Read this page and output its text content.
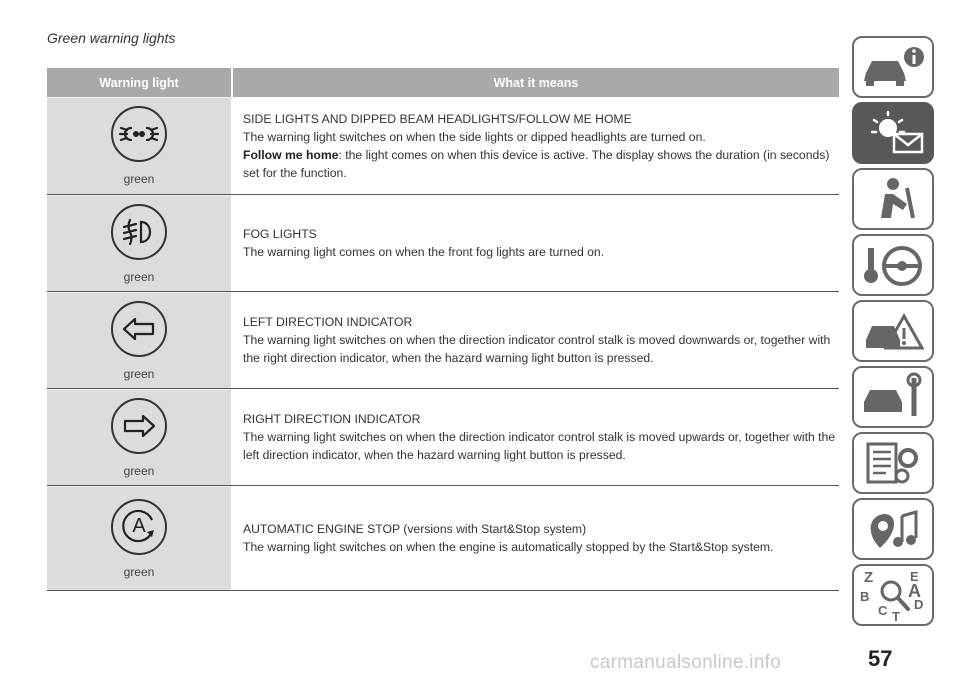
Green warning lights
Warning light	What it means
green
SIDE LIGHTS AND DIPPED BEAM HEADLIGHTS/FOLLOW ME HOME
The warning light switches on when the side lights or dipped headlights are turned on.
Follow me home: the light comes on when this device is active. The display shows the duration (in seconds) set for the function.
green
FOG LIGHTS
The warning light comes on when the front fog lights are turned on.
green
LEFT DIRECTION INDICATOR
The warning light switches on when the direction indicator control stalk is moved downwards or, together with the right direction indicator, when the hazard warning light button is pressed.
green
RIGHT DIRECTION INDICATOR
The warning light switches on when the direction indicator control stalk is moved upwards or, together with the left direction indicator, when the hazard warning light button is pressed.
A
green
AUTOMATIC ENGINE STOP (versions with Start&Stop system)
The warning light switches on when the engine is automatically stopped by the Start&Stop system.
Z	E
A
B
C D
T
carmanualsonline.info	57
